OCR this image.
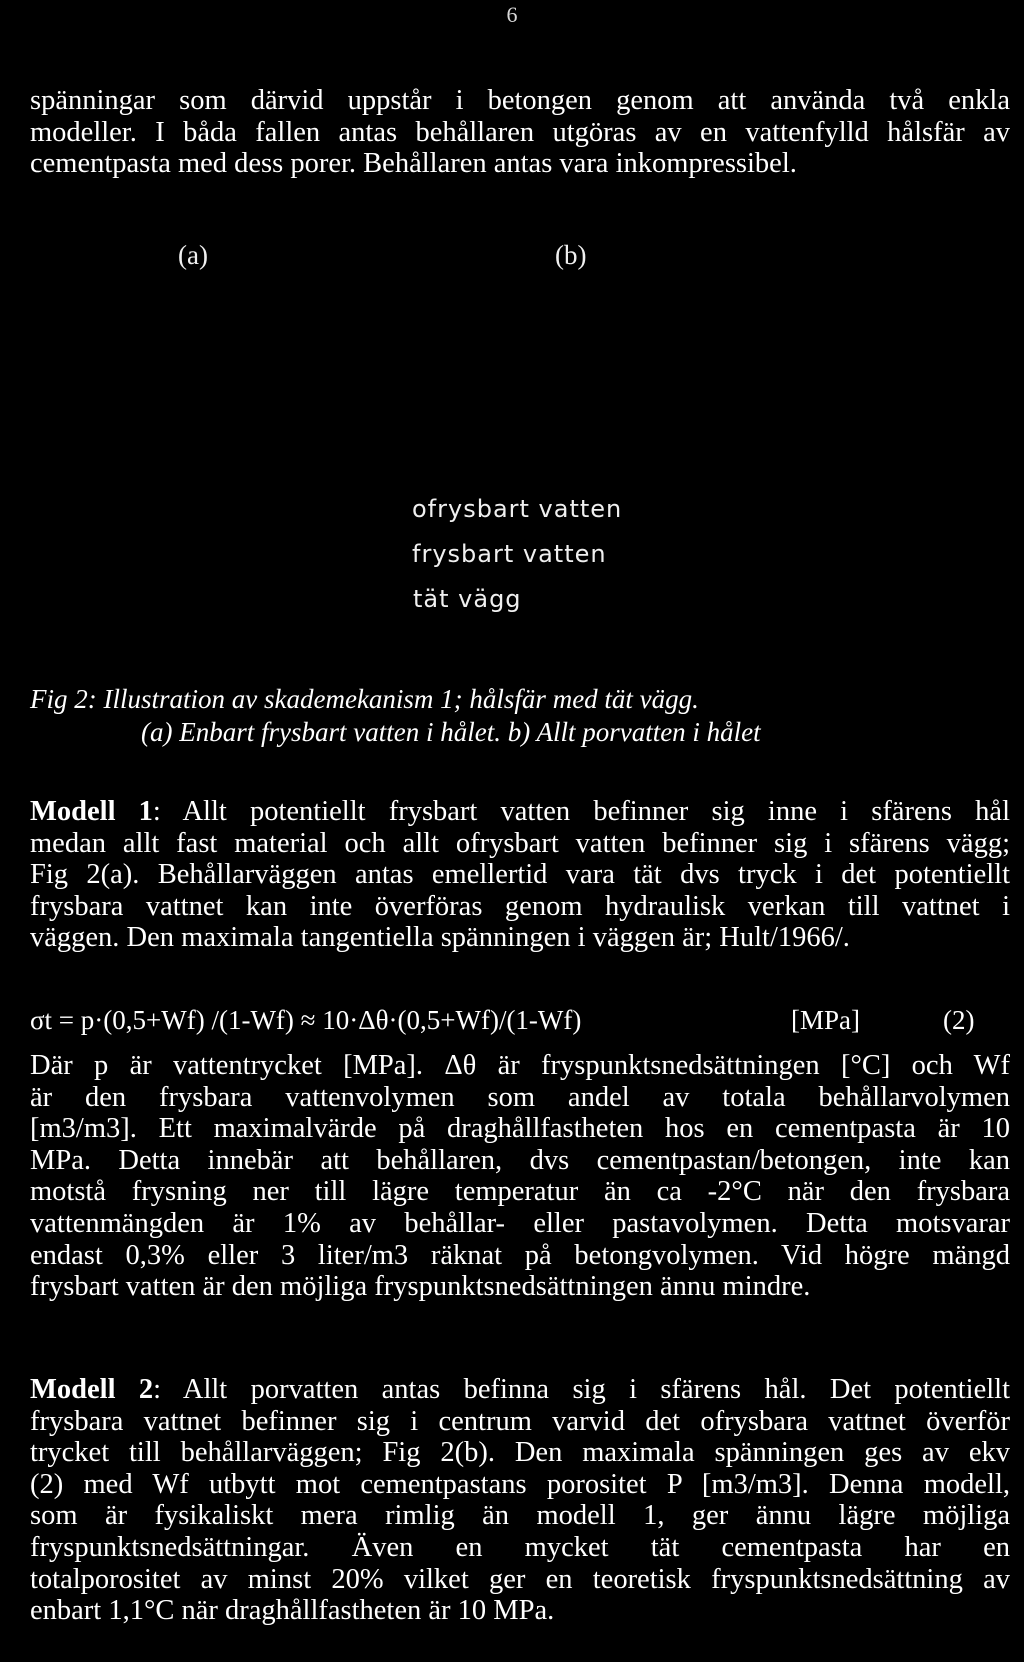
6
spänningar som därvid uppstår i betongen genom att använda två enkla
modeller. I båda fallen antas behållaren utgöras av en vattenfylld hålsfär av
cementpasta med dess porer. Behållaren antas vara inkompressibel.
(a)	(b)
ofrysbart vatten
frysbart vatten
tät vägg
Fig 2: Illustration av skademekanism 1; hålsfär med tät vägg.
(a) Enbart frysbart vatten i hålet. b) Allt porvatten i hålet
Modell 1: Allt potentiellt frysbart vatten befinner sig inne i sfärens hål
medan allt fast material och allt ofrysbart vatten befinner sig i sfärens vägg;
Fig 2(a). Behållarväggen antas emellertid vara tät dvs tryck i det potentiellt
frysbara vattnet kan inte överföras genom hydraulisk verkan till vattnet i
väggen. Den maximala tangentiella spänningen i väggen är; Hult/1966/.
σt = p·(0,5+Wf) /(1-Wf) ≈ 10·Δθ·(0,5+Wf)/(1-Wf)	[MPa]	(2)
Där p är vattentrycket [MPa]. Δθ är fryspunktsnedsättningen [°C] och Wf
är den frysbara vattenvolymen som andel av totala behållarvolymen
[m3/m3]. Ett maximalvärde på draghållfastheten hos en cementpasta är 10
MPa. Detta innebär att behållaren, dvs cementpastan/betongen, inte kan
motstå frysning ner till lägre temperatur än ca -2°C när den frysbara
vattenmängden är 1% av behållar- eller pastavolymen. Detta motsvarar
endast 0,3% eller 3 liter/m3 räknat på betongvolymen. Vid högre mängd
frysbart vatten är den möjliga fryspunktsnedsättningen ännu mindre.
Modell 2: Allt porvatten antas befinna sig i sfärens hål. Det potentiellt
frysbara vattnet befinner sig i centrum varvid det ofrysbara vattnet överför
trycket till behållarväggen; Fig 2(b). Den maximala spänningen ges av ekv
(2) med Wf utbytt mot cementpastans porositet P [m3/m3]. Denna modell,
som är fysikaliskt mera rimlig än modell 1, ger ännu lägre möjliga
fryspunktsnedsättningar. Även en mycket tät cementpasta har en
totalporositet av minst 20% vilket ger en teoretisk fryspunktsnedsättning av
enbart 1,1°C när draghållfastheten är 10 MPa.
